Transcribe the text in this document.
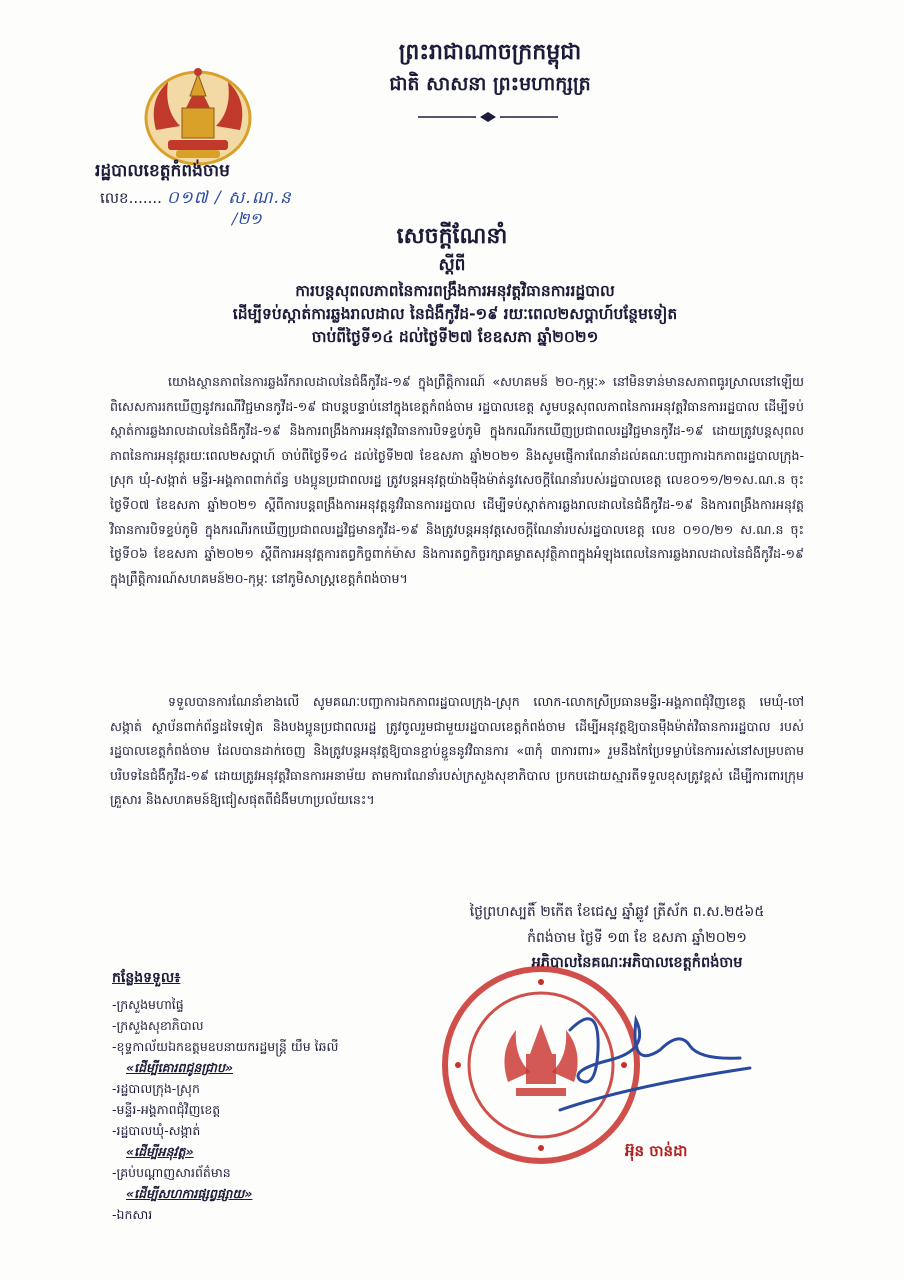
ព្រះរាជាណាចក្រកម្ពុជា
ជាតិ សាសនា ព្រះមហាក្សត្រ
រដ្ឋបាលខេត្តកំពង់ចាម
លេខ....... ០១៧ / ស.ណ.ន
/២១
សេចក្ដីណែនាំ
ស្ដីពី
ការបន្ដសុពលភាពនៃការពង្រឹងការអនុវត្តវិធានការរដ្ឋបាល
ដើម្បីទប់ស្កាត់ការឆ្លងរាលដាល នៃជំងឺកូវីដ-១៩ រយៈពេល២សប្ដាហ៍បន្ថែមទៀត
ចាប់ពីថ្ងៃទី១៤ ដល់ថ្ងៃទី២៧ ខែឧសភា ឆ្នាំ២០២១

យោងស្ថានភាពនៃការឆ្លងរីករាលដាលនៃជំងឺកូវីដ-១៩ ក្នុងព្រឹត្តិការណ៍ «សហគមន៍ ២០-កុម្ភៈ» នៅមិនទាន់មានសភាពធូរស្រាលនៅឡើយ ពិសេសការរកឃើញនូវករណីវិជ្ជមានកូវីដ-១៩ ជាបន្តបន្ទាប់នៅក្នុងខេត្តកំពង់ចាម រដ្ឋបាលខេត្ត សូមបន្តសុពលភាពនៃការអនុវត្តវិធានការរដ្ឋបាល ដើម្បីទប់ស្កាត់ការឆ្លងរាលដាលនៃជំងឺកូវីដ-១៩ និងការពង្រឹងការអនុវត្តវិធានការបិទខ្ទប់ភូមិ ក្នុងករណីរកឃើញប្រជាពលរដ្ឋវិជ្ជមានកូវីដ-១៩ ដោយត្រូវបន្តសុពលភាពនៃការអនុវត្តរយៈពេល២សប្ដាហ៍ ចាប់ពីថ្ងៃទី១៤ ដល់ថ្ងៃទី២៧ ខែឧសភា ឆ្នាំ២០២១ និងសូមផ្ញើការណែនាំដល់គណៈបញ្ជាការឯកភាពរដ្ឋបាលក្រុង-ស្រុក ឃុំ-សង្កាត់ មន្ទីរ-អង្គភាពពាក់ព័ន្ធ បងប្អូនប្រជាពលរដ្ឋ ត្រូវបន្តអនុវត្តយ៉ាងម៉ឺងម៉ាត់នូវសេចក្ដីណែនាំរបស់រដ្ឋបាលខេត្ត លេខ០១១/២១ស.ណ.ន ចុះថ្ងៃទី០៧ ខែឧសភា ឆ្នាំ២០២១ ស្ដីពីការបន្តពង្រឹងការអនុវត្តនូវវិធានការរដ្ឋបាល ដើម្បីទប់ស្កាត់ការឆ្លងរាលដាលនៃជំងឺកូវីដ-១៩ និងការពង្រឹងការអនុវត្តវិធានការបិទខ្ទប់ភូមិ ក្នុងករណីរកឃើញប្រជាពលរដ្ឋវិជ្ជមានកូវីដ-១៩ និងត្រូវបន្តអនុវត្តសេចក្ដីណែនាំរបស់រដ្ឋបាលខេត្ត លេខ ០១០/២១ ស.ណ.ន ចុះថ្ងៃទី០៦ ខែឧសភា ឆ្នាំ២០២១ ស្ដីពីការអនុវត្តការតព្វកិច្ចពាក់ម៉ាស និងការតព្វកិច្ចរក្សាគម្លាតសុវត្ថិភាពក្នុងអំឡុងពេលនៃការឆ្លងរាលដាលនៃជំងឺកូវីដ-១៩ ក្នុងព្រឹត្តិការណ៍សហគមន៍២០-កុម្ភៈ នៅភូមិសាស្ត្រខេត្តកំពង់ចាម។

ទទួលបានការណែនាំខាងលើ សូមគណៈបញ្ជាការឯកភាពរដ្ឋបាលក្រុង-ស្រុក លោក-លោកស្រីប្រធានមន្ទីរ-អង្គភាពជុំវិញខេត្ត មេឃុំ-ចៅសង្កាត់ ស្ថាប័នពាក់ព័ន្ធដទៃទៀត និងបងប្អូនប្រជាពលរដ្ឋ ត្រូវចូលរួមជាមួយរដ្ឋបាលខេត្តកំពង់ចាម ដើម្បីអនុវត្តឱ្យបានម៉ឺងម៉ាត់វិធានការរដ្ឋបាល របស់រដ្ឋបាលខេត្តកំពង់ចាម ដែលបានដាក់ចេញ និងត្រូវបន្តអនុវត្តឱ្យបានខ្ជាប់ខ្ជួននូវវិធានការ «៣កុំ ៣ការពារ» រួមនឹងកែប្រែទម្លាប់នៃការរស់នៅសម្របតាមបរិបទនៃជំងឺកូវីដ-១៩ ដោយត្រូវអនុវត្តវិធានការអនាម័យ តាមការណែនាំរបស់ក្រសួងសុខាភិបាល ប្រកបដោយស្មារតីទទួលខុសត្រូវខ្ពស់ ដើម្បីការពារក្រុមគ្រួសារ និងសហគមន៍ឱ្យជៀសផុតពីជំងឺមហាប្រល័យនេះ។

ថ្ងៃព្រហស្បតិ៍ ២កើត ខែជេស្ឋ ឆ្នាំឆ្លូវ ត្រីស័ក ព.ស.២៥៦៥
កំពង់ចាម ថ្ងៃទី ១៣ ខែ ឧសភា ឆ្នាំ២០២១
អភិបាលនៃគណៈអភិបាលខេត្តកំពង់ចាម
អ៊ុន ចាន់ដា
កន្លែងទទួល៖
-ក្រសួងមហាផ្ទៃ
-ក្រសួងសុខាភិបាល
-ខុទ្ទកាល័យឯកឧត្តមឧបនាយករដ្ឋមន្ត្រី យឹម ឆៃលី
«ដើម្បីគោរពជូនជ្រាប»
-រដ្ឋបាលក្រុង-ស្រុក
-មន្ទីរ-អង្គភាពជុំវិញខេត្ត
-រដ្ឋបាលឃុំ-សង្កាត់
«ដើម្បីអនុវត្ត»
-គ្រប់បណ្ដាញសារព័ត៌មាន
«ដើម្បីសហការផ្សព្វផ្សាយ»
-ឯកសារ
